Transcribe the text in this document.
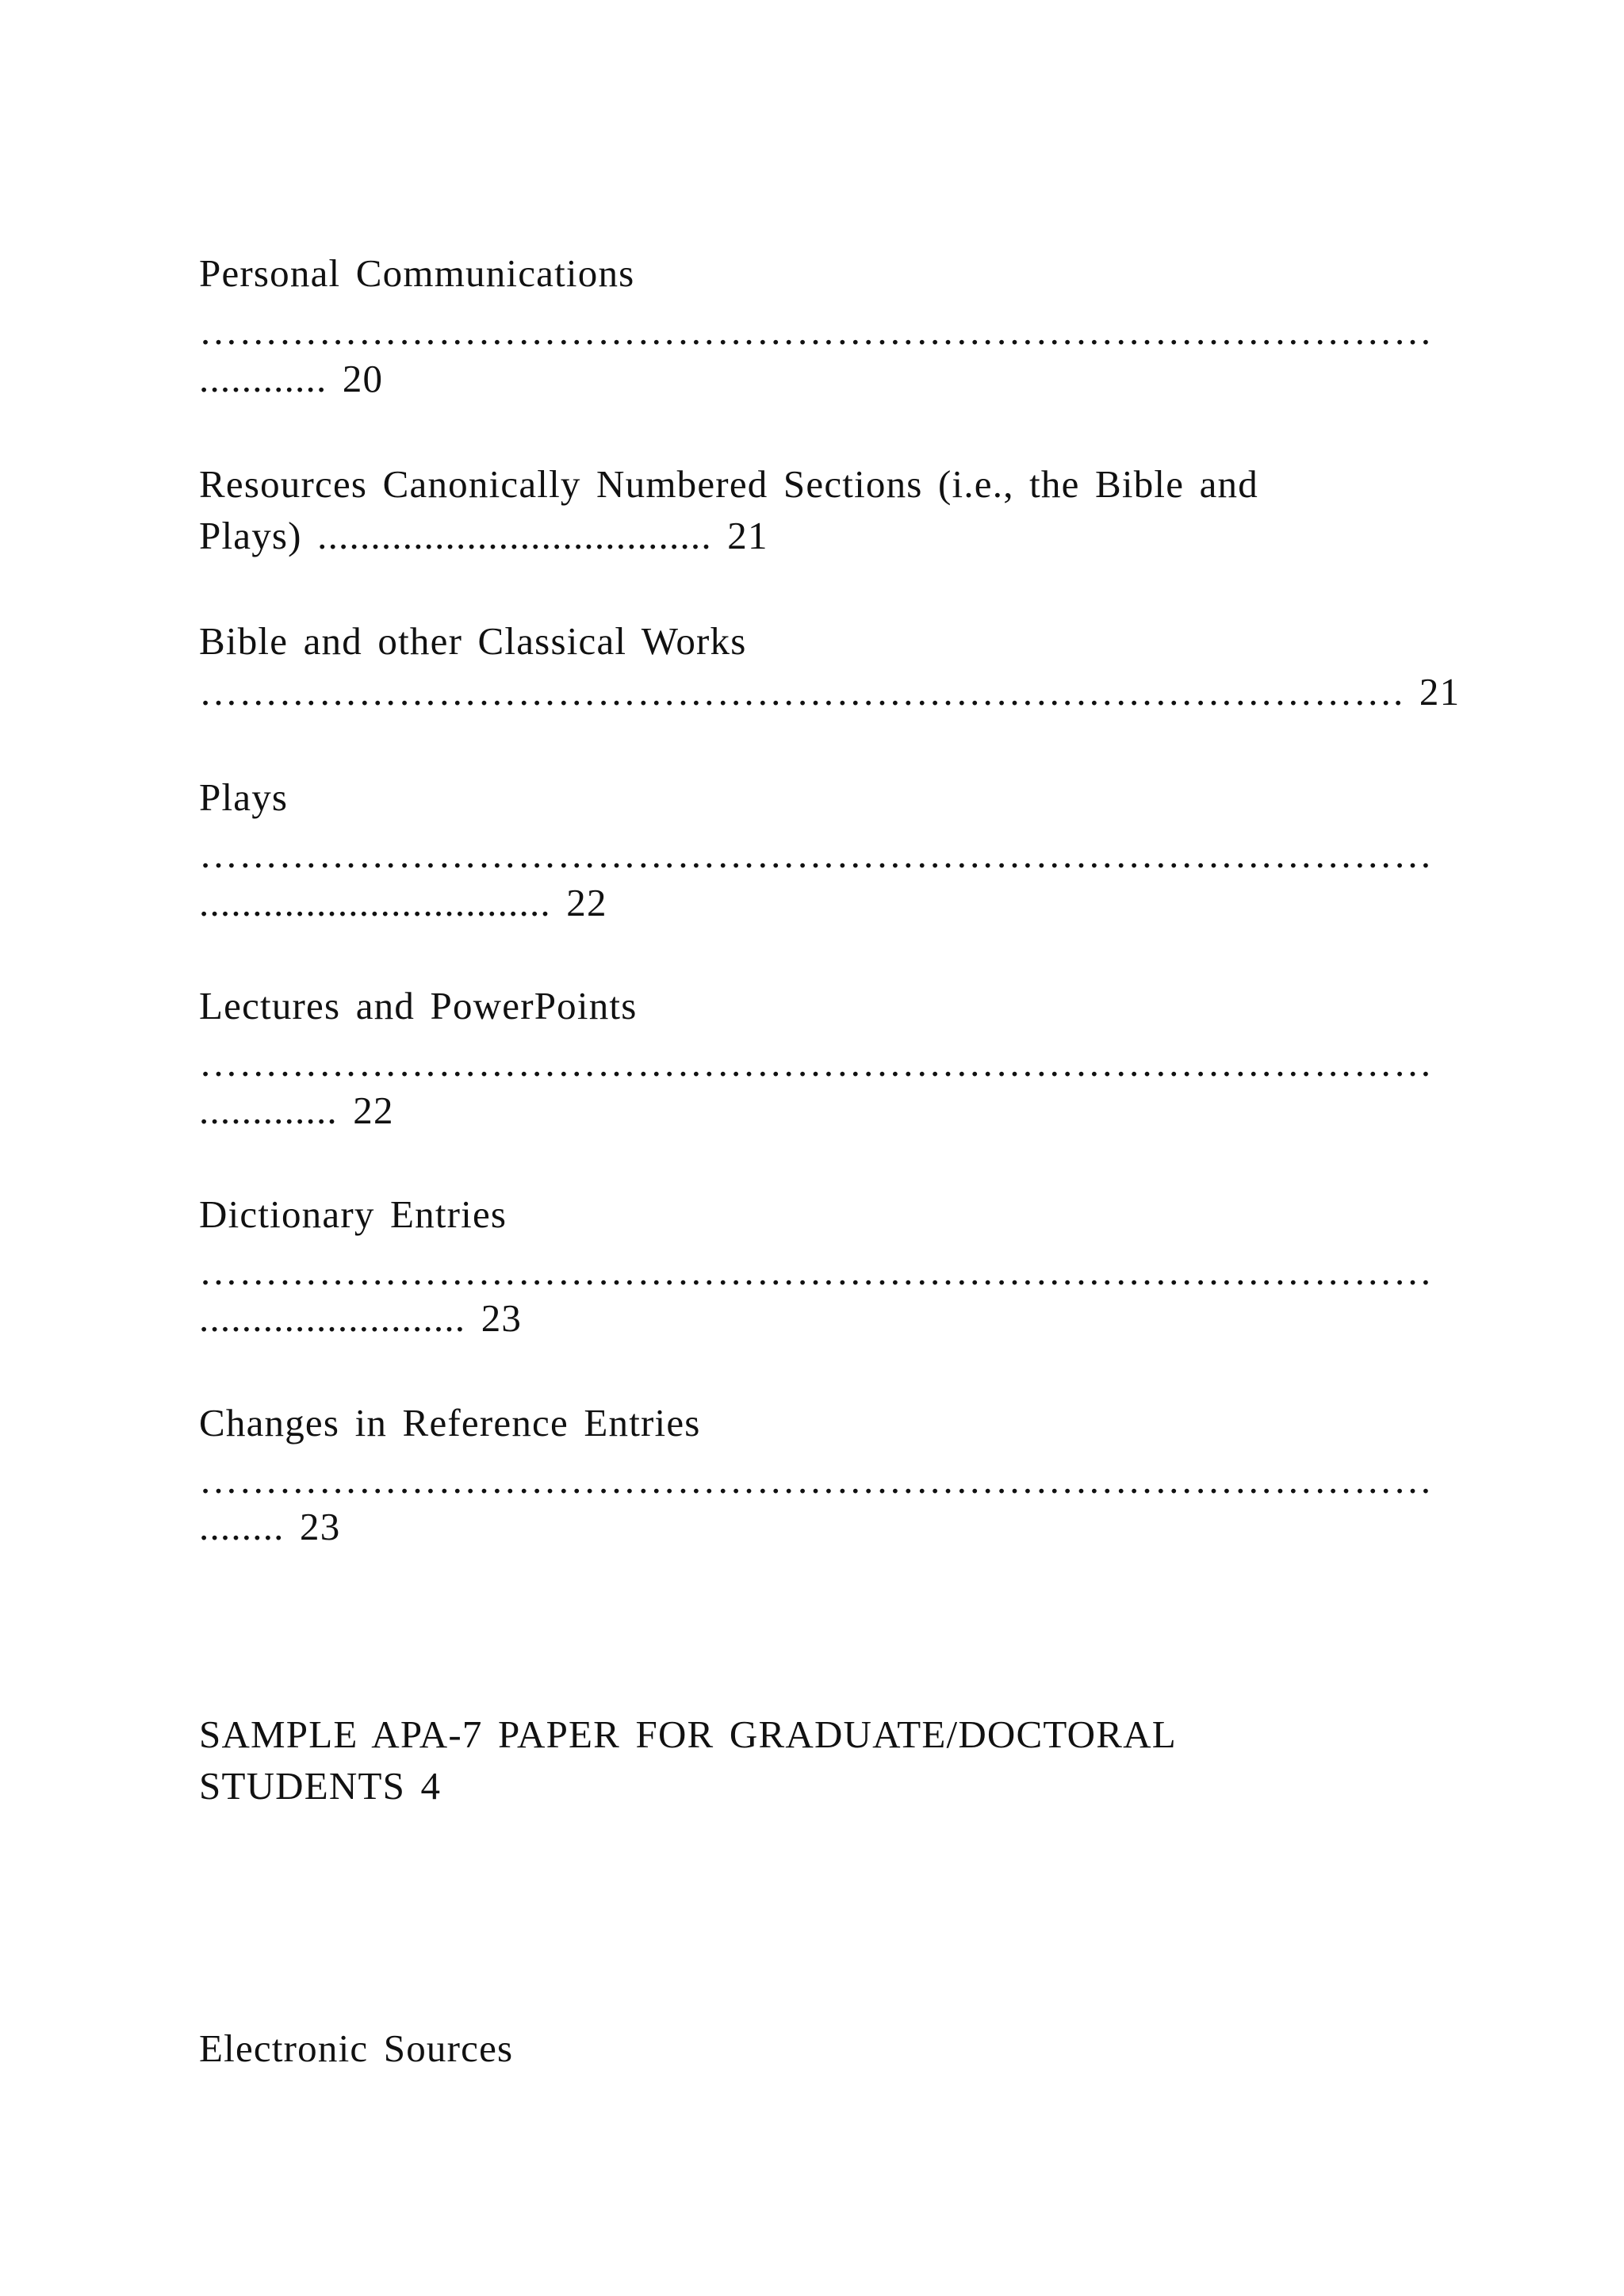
Personal Communications
…………………………………………………………………………………
............ 20
Resources Canonically Numbered Sections (i.e., the Bible and
Plays) ..................................... 21
Bible and other Classical Works
………………………………………………………………………………. 21
Plays
…………………………………………………………………………………
................................. 22
Lectures and PowerPoints
…………………………………………………………………………………
............. 22
Dictionary Entries
…………………………………………………………………………………
......................... 23
Changes in Reference Entries
…………………………………………………………………………………
........ 23
SAMPLE APA-7 PAPER FOR GRADUATE/DOCTORAL
STUDENTS 4
Electronic Sources
